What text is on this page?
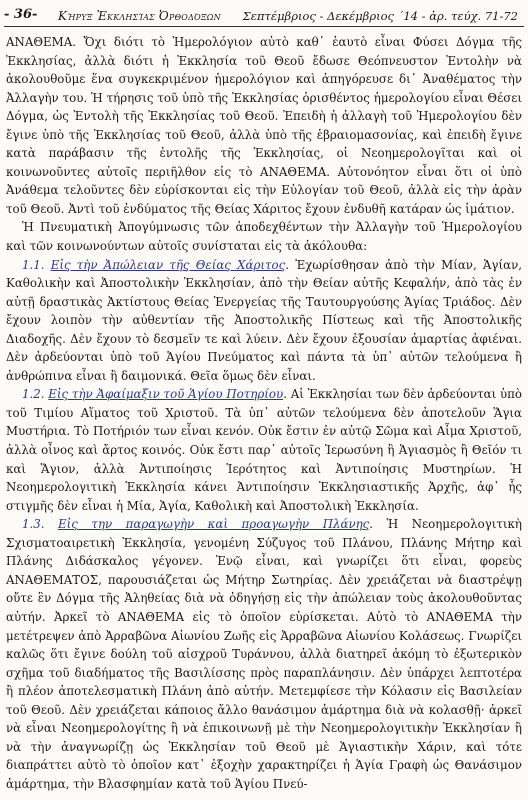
- 36- Κήρυξ Ἐκκλησίας Ὀρθοδόξων Σεπτέμβριος - Δεκέμβριος ΄14 - ἀρ. τεύχ. 71-72

ΑΝΑΘΕΜΑ. Ὄχι διότι τὸ Ἡμερολόγιον αὐτὸ καθ᾽ ἑαυτὸ εἶναι Φύσει Δόγμα τῆς Ἐκκλησίας, ἀλλὰ διότι ἡ Ἐκκλησία τοῦ Θεοῦ ἔδωσε Θεόπνευστον Ἐντολὴν νὰ ἀκολουθοῦμε ἕνα συγκεκριμένον ἡμερολόγιον καὶ ἀπηγόρευσε δι᾽ Ἀναθέματος τὴν Ἀλλαγὴν του. Ἡ τήρησις τοῦ ὑπὸ τῆς Ἐκκλησίας ὁρισθέντος ἡμερολογίου εἶναι Θέσει Δόγμα, ὡς Ἐντολὴ τῆς Ἐκκλησίας τοῦ Θεοῦ. Ἐπειδὴ ἡ ἀλλαγὴ τοῦ Ἡμερολογίου δὲν ἔγινε ὑπὸ τῆς Ἐκκλησίας τοῦ Θεοῦ, ἀλλὰ ὑπὸ τῆς ἑβραιομασονίας, καὶ ἐπειδὴ ἔγινε κατὰ παράβασιν τῆς ἐντολῆς τῆς Ἐκκλησίας, οἱ Νεοημερολογῖται καὶ οἱ κοινωνοῦντες αὐτοῖς περιῆλθον εἰς τὸ ΑΝΑΘΕΜΑ. Αὐτονόητον εἶναι ὅτι οἱ ὑπὸ Ἀνάθεμα τελοῦντες δὲν εὑρίσκονται εἰς τὴν Εὐλογίαν τοῦ Θεοῦ, ἀλλὰ εἰς τὴν ἀρὰν τοῦ Θεοῦ. Ἀντὶ τοῦ ἐνδύματος τῆς Θείας Χάριτος ἔχουν ἐνδυθῆ κατάραν ὡς ἱμάτιον.

Ἡ Πνευματικὴ Ἀπογύμνωσις τῶν ἀποδεχθέντων τὴν Ἀλλαγὴν τοῦ Ἡμερολογίου καὶ τῶν κοινωνούντων αὐτοῖς συνίσταται εἰς τὰ ἀκόλουθα:

1.1. Εἰς τὴν Ἀπώλειαν τῆς Θείας Χάριτος. Ἐχωρίσθησαν ἀπὸ τὴν Μίαν, Ἁγίαν, Καθολικὴν καὶ Ἀποστολικὴν Ἐκκλησίαν, ἀπὸ τὴν Θείαν αὐτῆς Κεφαλήν, ἀπὸ τὰς ἐν αὐτῇ δραστικὰς Ἀκτίστους Θείας Ἐνεργείας τῆς Ταυτουργούσης Ἁγίας Τριάδος. Δὲν ἔχουν λοιπὸν τὴν αὐθεντίαν τῆς Ἀποστολικῆς Πίστεως καὶ τῆς Ἀποστολικῆς Διαδοχῆς. Δὲν ἔχουν τὸ δεσμεῖν τε καὶ λύειν. Δὲν ἔχουν ἐξουσίαν ἁμαρτίας ἀφιέναι. Δὲν ἀρδεύονται ὑπὸ τοῦ Ἁγίου Πνεύματος καὶ πάντα τὰ ὑπ᾽ αὐτῶν τελούμενα ἢ ἀνθρώπινα εἶναι ἢ δαιμονικά. Θεῖα ὅμως δὲν εἶναι.

1.2. Εἰς τὴν Ἀφαίμαξιν τοῦ Ἁγίου Ποτηρίου. Αἱ Ἐκκλησίαι των δὲν ἀρδεύονται ὑπὸ τοῦ Τιμίου Αἵματος τοῦ Χριστοῦ. Τὰ ὑπ᾽ αὐτῶν τελούμενα δὲν ἀποτελοῦν Ἅγια Μυστήρια. Τὸ Ποτήριόν των εἶναι κενόν. Οὐκ ἔστιν ἐν αὐτῷ Σῶμα καὶ Αἷμα Χριστοῦ, ἀλλὰ οἶνος καὶ ἄρτος κοινός. Οὐκ ἔστι παρ᾽ αὐτοῖς Ἱερωσύνη ἢ Ἁγιασμὸς ἢ Θεῖόν τι καὶ Ἅγιον, ἀλλὰ Ἀντιποίησις Ἱερότητος καὶ Ἀντιποίησις Μυστηρίων. Ἡ Νεοημερολογιτικὴ Ἐκκλησία κάνει Ἀντιποίησιν Ἐκκλησιαστικῆς Ἀρχῆς, ἀφ᾽ ἧς στιγμῆς δὲν εἶναι ἡ Μία, Ἁγία, Καθολικὴ καὶ Ἀποστολικὴ Ἐκκλησία.

1.3. Εἰς την παραγωγὴν καὶ προαγωγὴν Πλάνης. Ἡ Νεοημερολογιτικὴ Σχισματοαιρετικὴ Ἐκκλησία, γενομένη Σύζυγος τοῦ Πλάνου, Πλάνης Μήτηρ καὶ Πλάνης Διδάσκαλος γέγονεν. Ἐνῷ εἶναι, καὶ γνωρίζει ὅτι εἶναι, φορεὺς ΑΝΑΘΕΜΑΤΟΣ, παρουσιάζεται ὡς Μήτηρ Σωτηρίας. Δὲν χρειάζεται νὰ διαστρέψῃ οὔτε ἓν Δόγμα τῆς Ἀληθείας διὰ νὰ ὁδηγήσῃ εἰς τὴν ἀπώλειαν τοὺς ἀκολουθοῦντας αὐτήν. Ἀρκεῖ τὸ ΑΝΑΘΕΜΑ εἰς τὸ ὁποῖον εὑρίσκεται. Αὐτὸ τὸ ΑΝΑΘΕΜΑ τὴν μετέτρεψεν ἀπὸ Ἀρραβῶνα Αἰωνίου Ζωῆς εἰς Ἀρραβῶνα Αἰωνίου Κολάσεως. Γνωρίζει καλῶς ὅτι ἔγινε δούλη τοῦ αἰσχροῦ Τυράννου, ἀλλὰ διατηρεῖ ἀκόμη τὸ ἐξωτερικὸν σχῆμα τοῦ διαδήματος τῆς Βασιλίσσης πρὸς παραπλάνησιν. Δὲν ὑπάρχει λεπτοτέρα ἢ πλέον ἀποτελεσματικὴ Πλάνη ἀπὸ αὐτήν. Μετεμφίεσε τὴν Κόλασιν εἰς Βασιλείαν τοῦ Θεοῦ. Δὲν χρειάζεται κάποιος ἄλλο θανάσιμον ἁμάρτημα διὰ νὰ κολασθῇ· ἀρκεῖ νὰ εἶναι Νεοημερολογίτης ἢ νὰ ἐπικοινωνῇ μὲ τὴν Νεοημερολογιτικὴν Ἐκκλησίαν ἢ νὰ τὴν ἀναγνωρίζῃ ὡς Ἐκκλησίαν τοῦ Θεοῦ μὲ Ἁγιαστικὴν Χάριν, καὶ τότε διαπράττει αὐτὸ τὸ ὁποῖον κατ᾽ ἐξοχὴν χαρακτηρίζει ἡ Ἁγία Γραφὴ ὡς Θανάσιμον ἁμάρτημα, τὴν Βλασφημίαν κατὰ τοῦ Ἁγίου Πνεύ-
